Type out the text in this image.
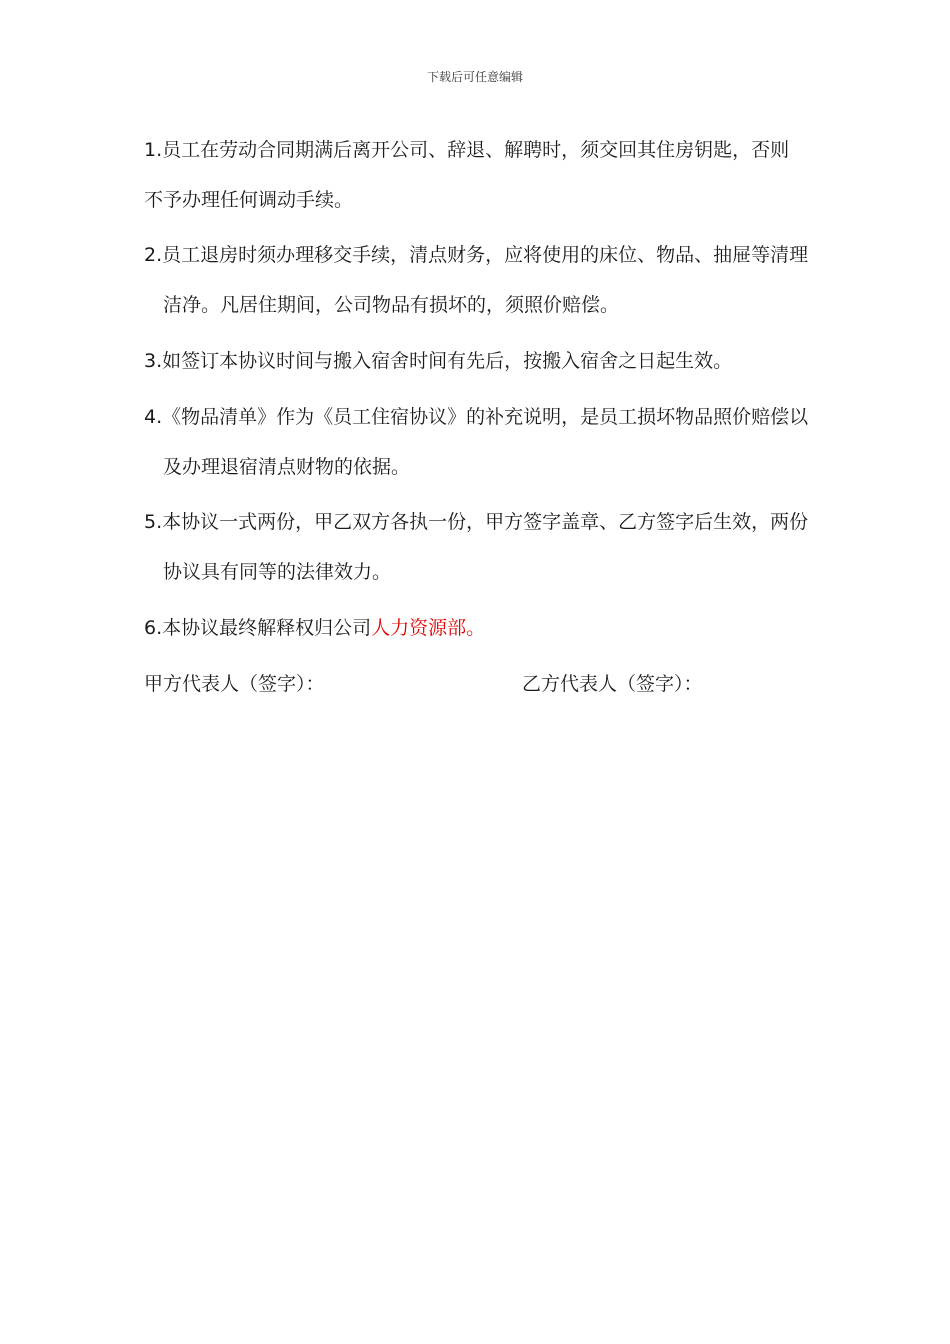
下载后可任意编辑
1.员工在劳动合同期满后离开公司、辞退、解聘时，须交回其住房钥匙，否则不予办理任何调动手续。
2.员工退房时须办理移交手续，清点财务，应将使用的床位、物品、抽屉等清理洁净。凡居住期间，公司物品有损坏的，须照价赔偿。
3.如签订本协议时间与搬入宿舍时间有先后，按搬入宿舍之日起生效。
4.《物品清单》作为《员工住宿协议》的补充说明，是员工损坏物品照价赔偿以及办理退宿清点财物的依据。
5.本协议一式两份，甲乙双方各执一份，甲方签字盖章、乙方签字后生效，两份协议具有同等的法律效力。
6.本协议最终解释权归公司人力资源部。
甲方代表人（签字）：	乙方代表人（签字）：
